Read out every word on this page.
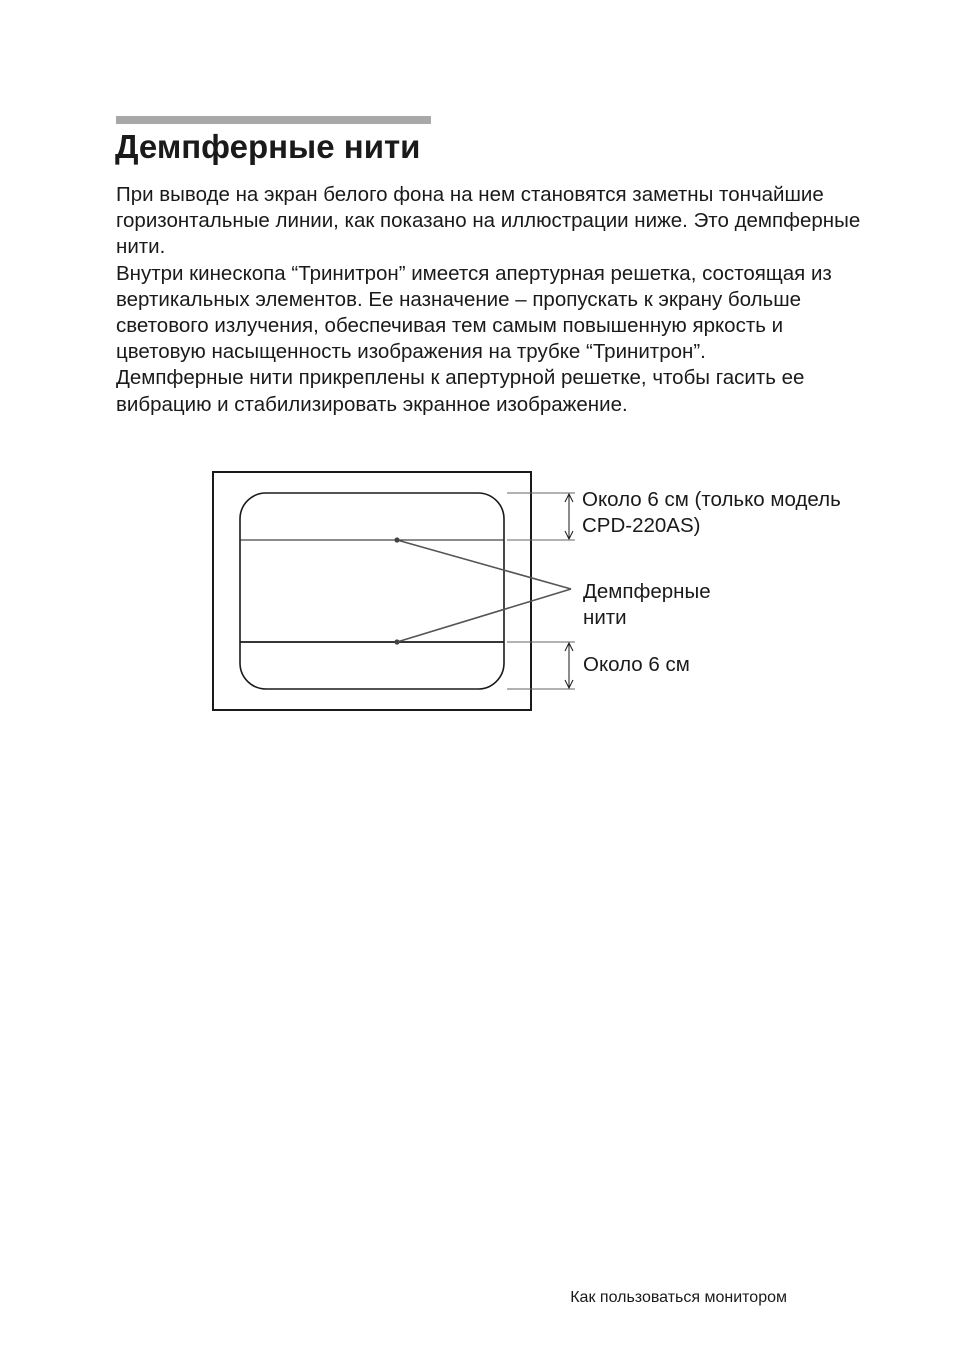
Демпферные нити

При выводе на экран белого фона на нем становятся заметны тончайшие горизонтальные линии, как показано на иллюстрации ниже. Это демпферные нити.

Внутри кинескопа “Тринитрон” имеется апертурная решетка, состоящая из вертикальных элементов. Ее назначение – пропускать к экрану больше светового излучения, обеспечивая тем самым повышенную яркость и цветовую насыщенность изображения на трубке “Тринитрон”.

Демпферные нити прикреплены к апертурной решетке, чтобы гасить ее вибрацию и стабилизировать экранное изображение.

Около 6 см (только модель
CPD-220AS)
Демпферные
нити
Около 6 см
Как пользоваться монитором
